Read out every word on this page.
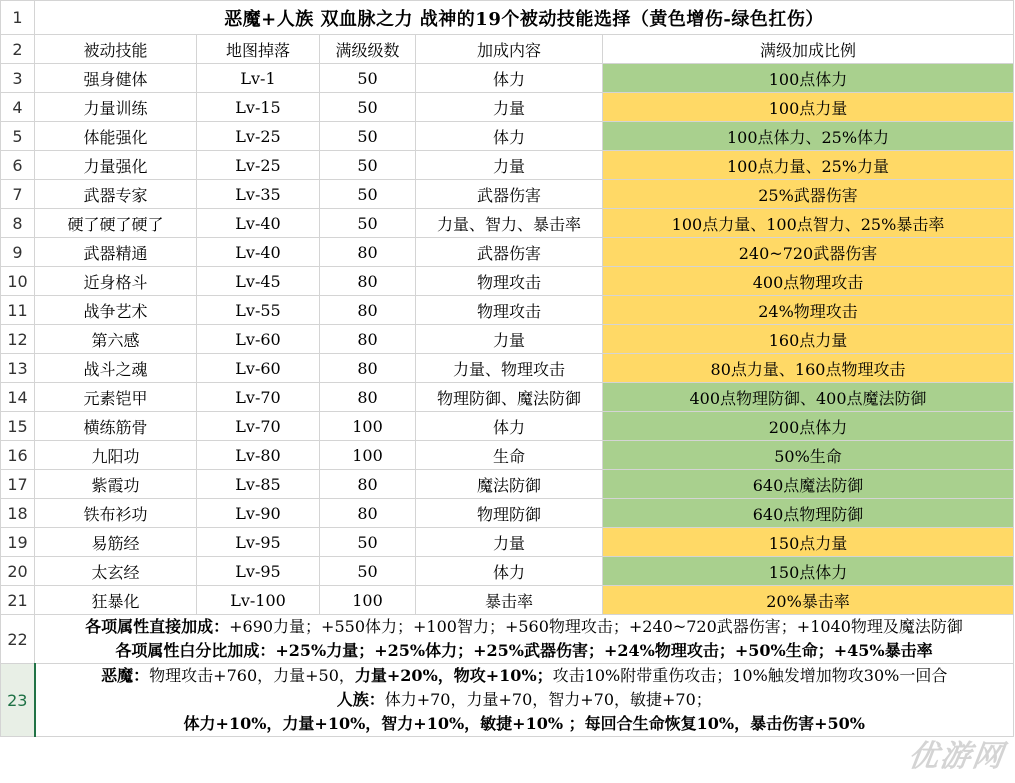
1	恶魔+人族 双血脉之力 战神的19个被动技能选择（黄色增伤-绿色扛伤）				
2	被动技能	地图掉落	满级级数	加成内容	满级加成比例
3	强身健体	Lv-1	50	体力	100点体力
4	力量训练	Lv-15	50	力量	100点力量
5	体能强化	Lv-25	50	体力	100点体力、25%体力
6	力量强化	Lv-25	50	力量	100点力量、25%力量
7	武器专家	Lv-35	50	武器伤害	25%武器伤害
8	硬了硬了硬了	Lv-40	50	力量、智力、暴击率	100点力量、100点智力、25%暴击率
9	武器精通	Lv-40	80	武器伤害	240~720武器伤害
10	近身格斗	Lv-45	80	物理攻击	400点物理攻击
11	战争艺术	Lv-55	80	物理攻击	24%物理攻击
12	第六感	Lv-60	80	力量	160点力量
13	战斗之魂	Lv-60	80	力量、物理攻击	80点力量、160点物理攻击
14	元素铠甲	Lv-70	80	物理防御、魔法防御	400点物理防御、400点魔法防御
15	横练筋骨	Lv-70	100	体力	200点体力
16	九阳功	Lv-80	100	生命	50%生命
17	紫霞功	Lv-85	80	魔法防御	640点魔法防御
18	铁布衫功	Lv-90	80	物理防御	640点物理防御
19	易筋经	Lv-95	50	力量	150点力量
20	太玄经	Lv-95	50	体力	150点体力
21	狂暴化	Lv-100	100	暴击率	20%暴击率
22	各项属性直接加成：+690力量；+550体力；+100智力；+560物理攻击；+240~720武器伤害；+1040物理及魔法防御
各项属性白分比加成：+25%力量；+25%体力；+25%武器伤害；+24%物理攻击；+50%生命；+45%暴击率				

23	恶魔：物理攻击+760，力量+50，力量+20%，物攻+10%；攻击10%附带重伤攻击；10%触发增加物攻30%一回合
人族：体力+70，力量+70，智力+70，敏捷+70；
体力+10%，力量+10%，智力+10%，敏捷+10% ；每回合生命恢复10%，暴击伤害+50%				
优游网
